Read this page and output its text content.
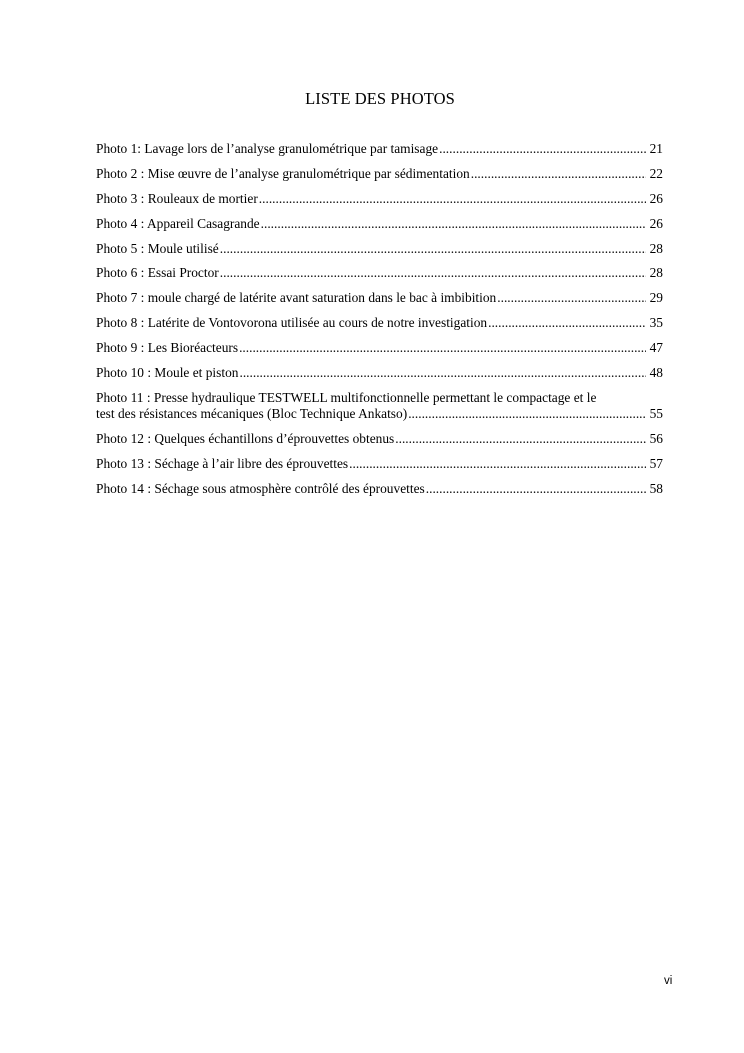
LISTE DES PHOTOS
Photo 1: Lavage lors de l’analyse granulométrique par tamisage .....	21
Photo 2 : Mise œuvre de l’analyse granulométrique par sédimentation .....	22
Photo 3 : Rouleaux de mortier .....	26
Photo 4 : Appareil Casagrande .....	26
Photo 5 : Moule utilisé .....	28
Photo 6 : Essai Proctor .....	28
Photo 7 : moule chargé de latérite avant saturation dans le bac à imbibition .....	29
Photo 8 : Latérite de Vontovorona utilisée au cours de notre investigation .....	35
Photo 9 : Les Bioréacteurs .....	47
Photo 10 : Moule et piston .....	48
Photo 11 : Presse hydraulique TESTWELL multifonctionnelle permettant le compactage et le
test des résistances mécaniques (Bloc Technique Ankatso) .....	55
Photo 12 : Quelques échantillons d’éprouvettes obtenus .....	56
Photo 13 : Séchage à l’air libre des éprouvettes .....	57
Photo 14 : Séchage sous atmosphère contrôlé des éprouvettes .....	58
vi
